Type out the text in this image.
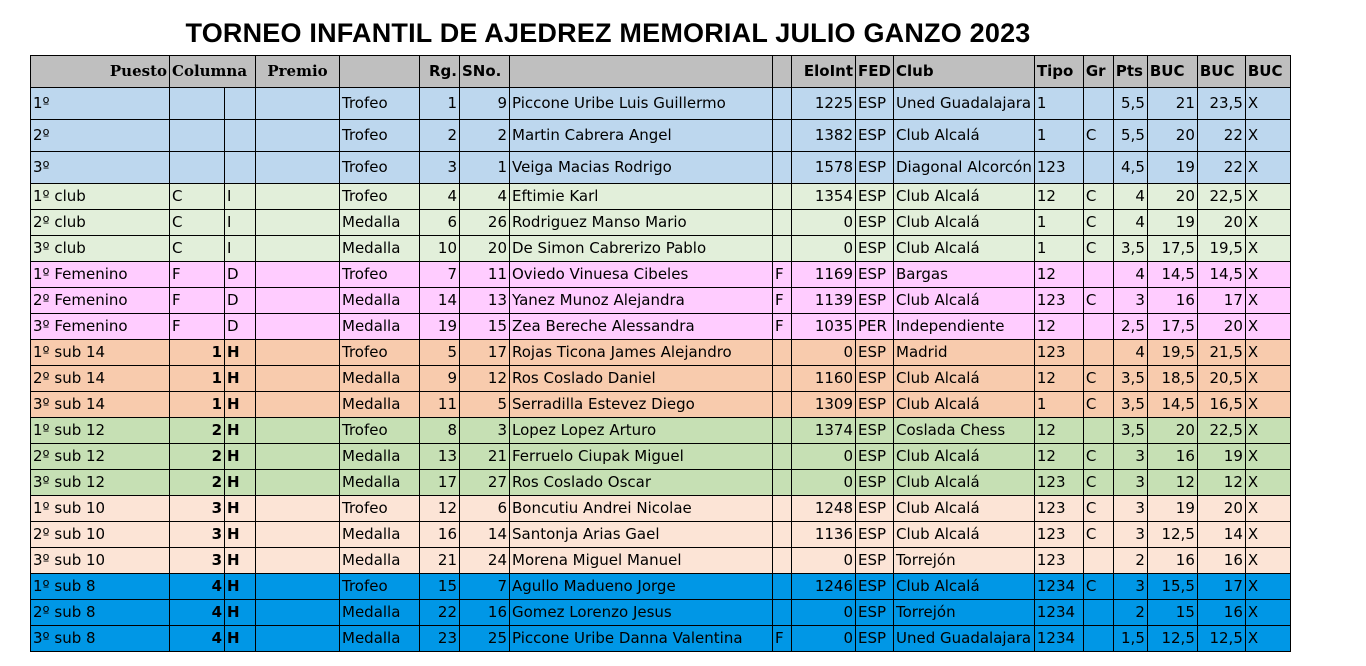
TORNEO INFANTIL DE AJEDREZ MEMORIAL JULIO GANZO 2023
Puesto	Columna		Premio		Rg.	SNo.			EloInt	FED	Club	Tipo	Gr	Pts	BUC	BUC	BUC
1º				Trofeo	1	9	Piccone Uribe Luis Guillermo		1225	ESP	Uned Guadalajara	1		5,5	21	23,5	X
2º				Trofeo	2	2	Martin Cabrera Angel		1382	ESP	Club Alcalá	1	C	5,5	20	22	X
3º				Trofeo	3	1	Veiga Macias Rodrigo		1578	ESP	Diagonal Alcorcón	123		4,5	19	22	X
1º club	C	I		Trofeo	4	4	Eftimie Karl		1354	ESP	Club Alcalá	12	C	4	20	22,5	X
2º club	C	I		Medalla	6	26	Rodriguez Manso Mario		0	ESP	Club Alcalá	1	C	4	19	20	X
3º club	C	I		Medalla	10	20	De Simon Cabrerizo Pablo		0	ESP	Club Alcalá	1	C	3,5	17,5	19,5	X
1º Femenino	F	D		Trofeo	7	11	Oviedo Vinuesa Cibeles	F	1169	ESP	Bargas	12		4	14,5	14,5	X
2º Femenino	F	D		Medalla	14	13	Yanez Munoz Alejandra	F	1139	ESP	Club Alcalá	123	C	3	16	17	X
3º Femenino	F	D		Medalla	19	15	Zea Bereche Alessandra	F	1035	PER	Independiente	12		2,5	17,5	20	X
1º sub 14	1	H		Trofeo	5	17	Rojas Ticona James Alejandro		0	ESP	Madrid	123		4	19,5	21,5	X
2º sub 14	1	H		Medalla	9	12	Ros Coslado Daniel		1160	ESP	Club Alcalá	12	C	3,5	18,5	20,5	X
3º sub 14	1	H		Medalla	11	5	Serradilla Estevez Diego		1309	ESP	Club Alcalá	1	C	3,5	14,5	16,5	X
1º sub 12	2	H		Trofeo	8	3	Lopez Lopez Arturo		1374	ESP	Coslada Chess	12		3,5	20	22,5	X
2º sub 12	2	H		Medalla	13	21	Ferruelo Ciupak Miguel		0	ESP	Club Alcalá	12	C	3	16	19	X
3º sub 12	2	H		Medalla	17	27	Ros Coslado Oscar		0	ESP	Club Alcalá	123	C	3	12	12	X
1º sub 10	3	H		Trofeo	12	6	Boncutiu Andrei Nicolae		1248	ESP	Club Alcalá	123	C	3	19	20	X
2º sub 10	3	H		Medalla	16	14	Santonja Arias Gael		1136	ESP	Club Alcalá	123	C	3	12,5	14	X
3º sub 10	3	H		Medalla	21	24	Morena Miguel Manuel		0	ESP	Torrejón	123		2	16	16	X
1º sub 8	4	H		Trofeo	15	7	Agullo Madueno Jorge		1246	ESP	Club Alcalá	1234	C	3	15,5	17	X
2º sub 8	4	H		Medalla	22	16	Gomez Lorenzo Jesus		0	ESP	Torrejón	1234		2	15	16	X
3º sub 8	4	H		Medalla	23	25	Piccone Uribe Danna Valentina	F	0	ESP	Uned Guadalajara	1234		1,5	12,5	12,5	X
